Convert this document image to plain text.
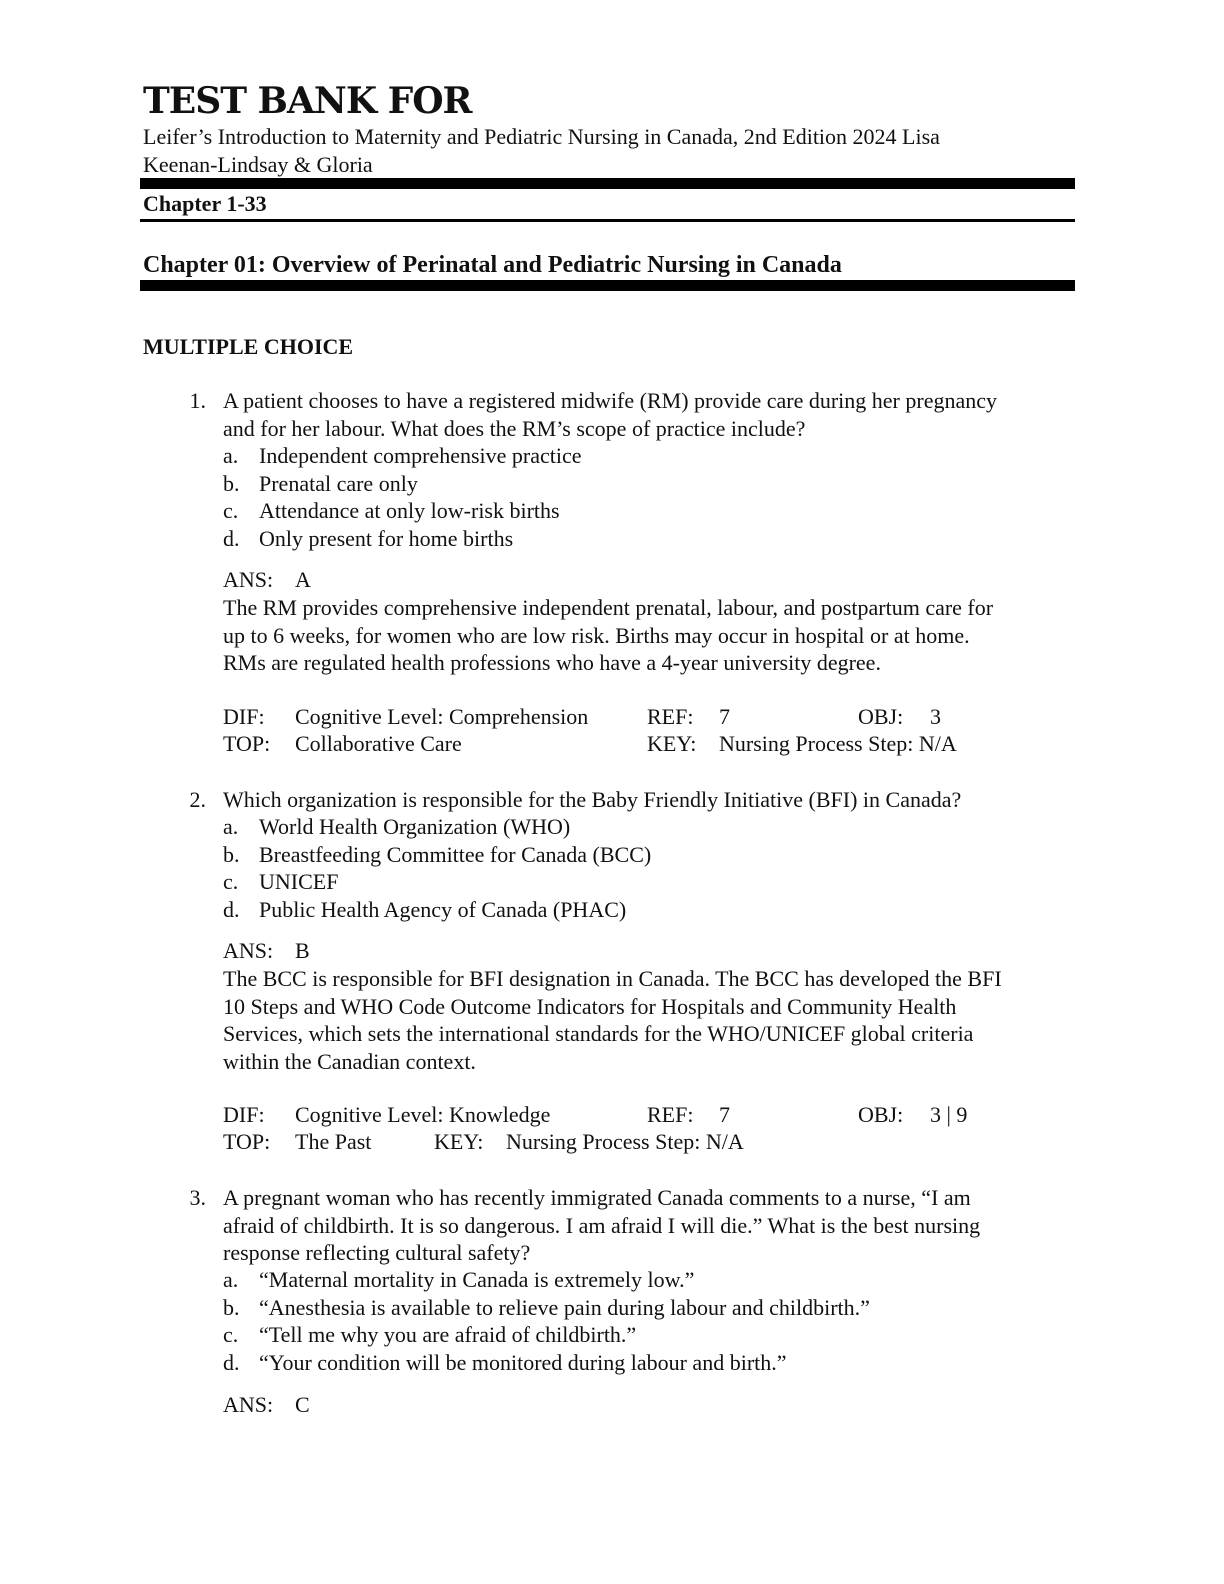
TEST BANK FOR
Leifer’s Introduction to Maternity and Pediatric Nursing in Canada, 2nd Edition 2024 Lisa
Keenan-Lindsay & Gloria
Chapter 1-33
Chapter 01: Overview of Perinatal and Pediatric Nursing in Canada
MULTIPLE CHOICE
1. A patient chooses to have a registered midwife (RM) provide care during her pregnancy
and for her labour. What does the RM’s scope of practice include?
a. Independent comprehensive practice
b. Prenatal care only
c. Attendance at only low-risk births
d. Only present for home births
ANS: A
The RM provides comprehensive independent prenatal, labour, and postpartum care for
up to 6 weeks, for women who are low risk. Births may occur in hospital or at home.
RMs are regulated health professions who have a 4-year university degree.
DIF: Cognitive Level: Comprehension	REF: 7	OBJ: 3
TOP: Collaborative Care	KEY: Nursing Process Step: N/A
2. Which organization is responsible for the Baby Friendly Initiative (BFI) in Canada?
a. World Health Organization (WHO)
b. Breastfeeding Committee for Canada (BCC)
c. UNICEF
d. Public Health Agency of Canada (PHAC)
ANS: B
The BCC is responsible for BFI designation in Canada. The BCC has developed the BFI
10 Steps and WHO Code Outcome Indicators for Hospitals and Community Health
Services, which sets the international standards for the WHO/UNICEF global criteria
within the Canadian context.
DIF: Cognitive Level: Knowledge	REF: 7	OBJ: 3 | 9
TOP: The Past	KEY: Nursing Process Step: N/A
3. A pregnant woman who has recently immigrated Canada comments to a nurse, “I am
afraid of childbirth. It is so dangerous. I am afraid I will die.” What is the best nursing
response reflecting cultural safety?
a. “Maternal mortality in Canada is extremely low.”
b. “Anesthesia is available to relieve pain during labour and childbirth.”
c. “Tell me why you are afraid of childbirth.”
d. “Your condition will be monitored during labour and birth.”
ANS: C
